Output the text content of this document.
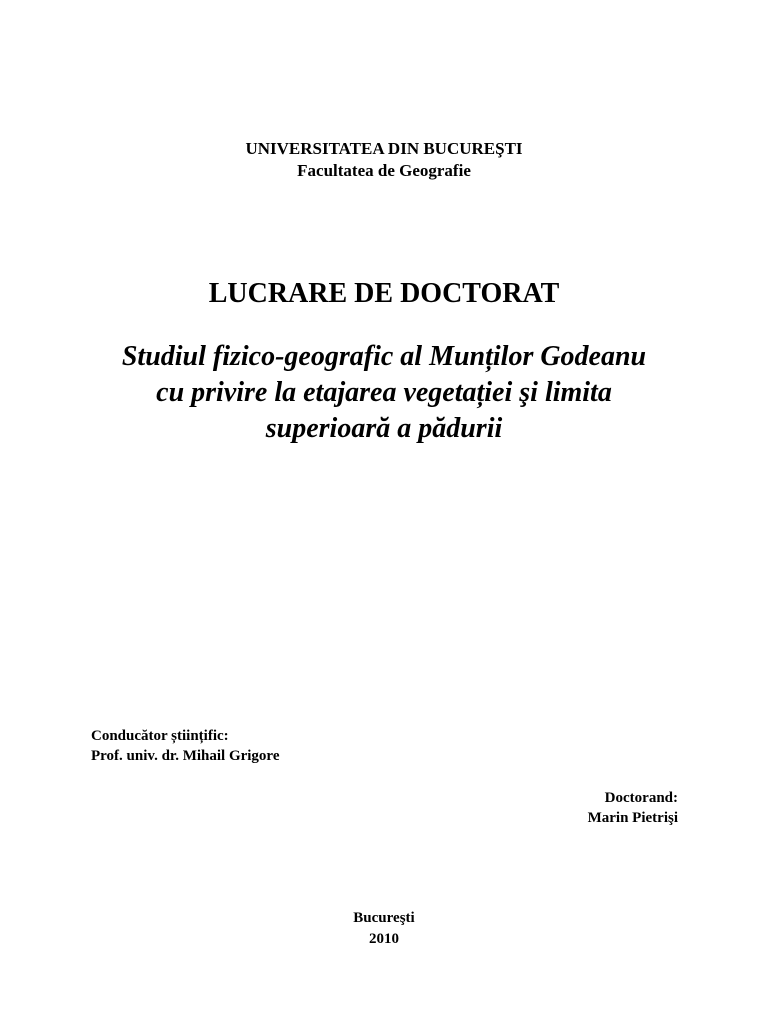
UNIVERSITATEA DIN BUCUREŞTI
Facultatea de Geografie
LUCRARE DE DOCTORAT
Studiul fizico-geografic al Munților Godeanu
cu privire la etajarea vegetației şi limita
superioară a pădurii
Conducător științific:
Prof. univ. dr. Mihail Grigore
Doctorand:
Marin Pietrişi
Bucureşti
2010
